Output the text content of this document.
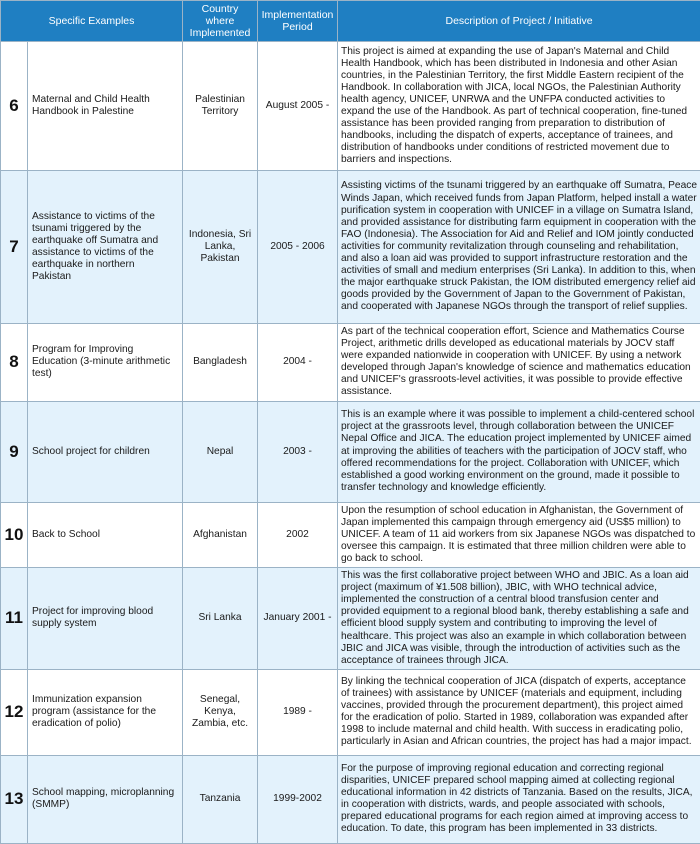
Specific Examples		Country where Implemented	Implementation Period	Description of Project / Initiative
6	Maternal and Child Health Handbook in Palestine	Palestinian Territory	August 2005 -	This project is aimed at expanding the use of Japan's Maternal and Child Health Handbook, which has been distributed in Indonesia and other Asian countries, in the Palestinian Territory, the first Middle Eastern recipient of the Handbook. In collaboration with JICA, local NGOs, the Palestinian Authority health agency, UNICEF, UNRWA and the UNFPA conducted activities to expand the use of the Handbook. As part of technical cooperation, fine-tuned assistance has been provided ranging from preparation to distribution of handbooks, including the dispatch of experts, acceptance of trainees, and distribution of handbooks under conditions of restricted movement due to barriers and inspections.
7	Assistance to victims of the tsunami triggered by the earthquake off Sumatra and assistance to victims of the earthquake in northern Pakistan	Indonesia, Sri Lanka, Pakistan	2005 - 2006	Assisting victims of the tsunami triggered by an earthquake off Sumatra, Peace Winds Japan, which received funds from Japan Platform, helped install a water purification system in cooperation with UNICEF in a village on Sumatra Island, and provided assistance for distributing farm equipment in cooperation with the FAO (Indonesia). The Association for Aid and Relief and IOM jointly conducted activities for community revitalization through counseling and rehabilitation, and also a loan aid was provided to support infrastructure restoration and the activities of small and medium enterprises (Sri Lanka). In addition to this, when the major earthquake struck Pakistan, the IOM distributed emergency relief aid goods provided by the Government of Japan to the Government of Pakistan, and cooperated with Japanese NGOs through the transport of relief supplies.
8	Program for Improving Education (3-minute arithmetic test)	Bangladesh	2004 -	As part of the technical cooperation effort, Science and Mathematics Course Project, arithmetic drills developed as educational materials by JOCV staff were expanded nationwide in cooperation with UNICEF. By using a network developed through Japan's knowledge of science and mathematics education and UNICEF's grassroots-level activities, it was possible to provide effective assistance.
9	School project for children	Nepal	2003 -	This is an example where it was possible to implement a child-centered school project at the grassroots level, through collaboration between the UNICEF Nepal Office and JICA. The education project implemented by UNICEF aimed at improving the abilities of teachers with the participation of JOCV staff, who offered recommendations for the project. Collaboration with UNICEF, which established a good working environment on the ground, made it possible to transfer technology and knowledge efficiently.
10	Back to School	Afghanistan	2002	Upon the resumption of school education in Afghanistan, the Government of Japan implemented this campaign through emergency aid (US$5 million) to UNICEF. A team of 11 aid workers from six Japanese NGOs was dispatched to oversee this campaign. It is estimated that three million children were able to go back to school.
11	Project for improving blood supply system	Sri Lanka	January 2001 -	This was the first collaborative project between WHO and JBIC. As a loan aid project (maximum of ¥1.508 billion), JBIC, with WHO technical advice, implemented the construction of a central blood transfusion center and provided equipment to a regional blood bank, thereby establishing a safe and efficient blood supply system and contributing to improving the level of healthcare. This project was also an example in which collaboration between JBIC and JICA was visible, through the introduction of activities such as the acceptance of trainees through JICA.
12	Immunization expansion program (assistance for the eradication of polio)	Senegal, Kenya, Zambia, etc.	1989 -	By linking the technical cooperation of JICA (dispatch of experts, acceptance of trainees) with assistance by UNICEF (materials and equipment, including vaccines, provided through the procurement department), this project aimed for the eradication of polio. Started in 1989, collaboration was expanded after 1998 to include maternal and child health. With success in eradicating polio, particularly in Asian and African countries, the project has had a major impact.
13	School mapping, microplanning (SMMP)	Tanzania	1999-2002	For the purpose of improving regional education and correcting regional disparities, UNICEF prepared school mapping aimed at collecting regional educational information in 42 districts of Tanzania. Based on the results, JICA, in cooperation with districts, wards, and people associated with schools, prepared educational programs for each region aimed at improving access to education. To date, this program has been implemented in 33 districts.
